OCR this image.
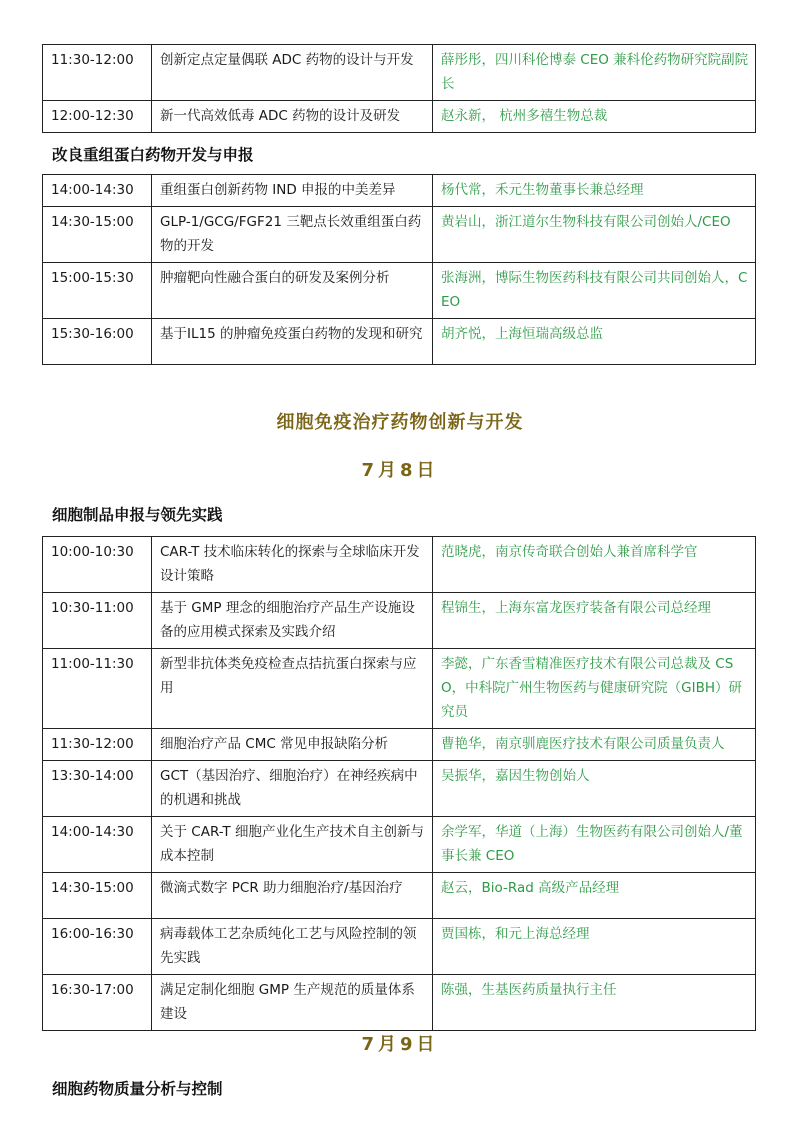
11:30-12:00	创新定点定量偶联 ADC 药物的设计与开发	薛彤彤，四川科伦博泰 CEO 兼科伦药物研究院副院长
12:00-12:30	新一代高效低毒 ADC 药物的设计及研发	赵永新， 杭州多禧生物总裁
改良重组蛋白药物开发与申报
14:00-14:30	重组蛋白创新药物 IND 申报的中美差异	杨代常，禾元生物董事长兼总经理
14:30-15:00	GLP-1/GCG/FGF21 三靶点长效重组蛋白药物的开发	黄岩山，浙江道尔生物科技有限公司创始人/CEO
15:00-15:30	肿瘤靶向性融合蛋白的研发及案例分析	张海洲，博际生物医药科技有限公司共同创始人，CEO
15:30-16:00	基于IL15 的肿瘤免疫蛋白药物的发现和研究	胡齐悦，上海恒瑞高级总监
细胞免疫治疗药物创新与开发
7月8日
细胞制品申报与领先实践
10:00-10:30	CAR-T 技术临床转化的探索与全球临床开发设计策略	范晓虎，南京传奇联合创始人兼首席科学官
10:30-11:00	基于 GMP 理念的细胞治疗产品生产设施设备的应用模式探索及实践介绍	程锦生，上海东富龙医疗装备有限公司总经理
11:00-11:30	新型非抗体类免疫检查点拮抗蛋白探索与应用	李懿，广东香雪精准医疗技术有限公司总裁及 CSO，中科院广州生物医药与健康研究院（GIBH）研究员
11:30-12:00	细胞治疗产品 CMC 常见申报缺陷分析	曹艳华，南京驯鹿医疗技术有限公司质量负责人
13:30-14:00	GCT（基因治疗、细胞治疗）在神经疾病中的机遇和挑战	吴振华，嘉因生物创始人
14:00-14:30	关于 CAR-T 细胞产业化生产技术自主创新与成本控制	余学军，华道（上海）生物医药有限公司创始人/董事长兼 CEO
14:30-15:00	微滴式数字 PCR 助力细胞治疗/基因治疗	赵云，Bio-Rad 高级产品经理
16:00-16:30	病毒载体工艺杂质纯化工艺与风险控制的领先实践	贾国栋，和元上海总经理
16:30-17:00	满足定制化细胞 GMP 生产规范的质量体系建设	陈强，生基医药质量执行主任
7月9日
细胞药物质量分析与控制
